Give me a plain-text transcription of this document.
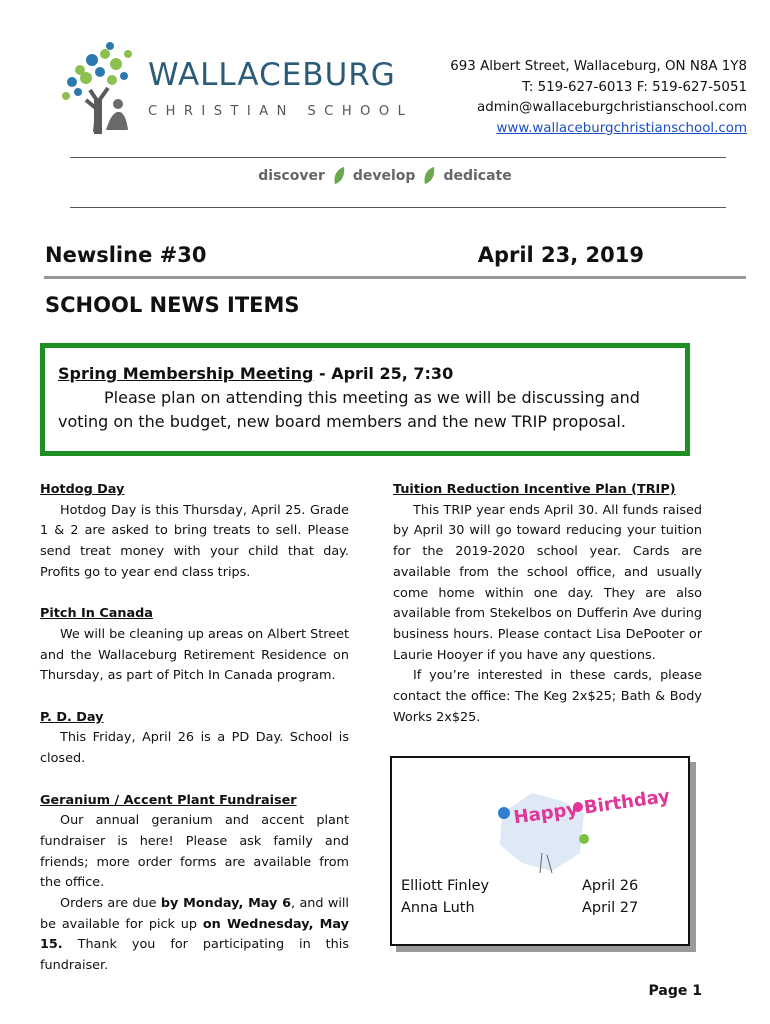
WALLACEBURG
CHRISTIAN SCHOOL
693 Albert Street, Wallaceburg, ON N8A 1Y8
T: 519-627-6013 F: 519-627-5051
admin@wallaceburgchristianschool.com
www.wallaceburgchristianschool.com
discover develop dedicate
Newsline #30	April 23, 2019
SCHOOL NEWS ITEMS
Spring Membership Meeting - April 25, 7:30
Please plan on attending this meeting as we will be discussing and voting on the budget, new board members and the new TRIP proposal.

Hotdog Day

Hotdog Day is this Thursday, April 25. Grade 1 & 2 are asked to bring treats to sell. Please send treat money with your child that day. Profits go to year end class trips.

Pitch In Canada

We will be cleaning up areas on Albert Street and the Wallaceburg Retirement Residence on Thursday, as part of Pitch In Canada program.

P. D. Day

This Friday, April 26 is a PD Day. School is closed.

Geranium / Accent Plant Fundraiser

Our annual geranium and accent plant fundraiser is here! Please ask family and friends; more order forms are available from the office.

Orders are due by Monday, May 6, and will be available for pick up on Wednesday, May 15. Thank you for participating in this fundraiser.

Tuition Reduction Incentive Plan (TRIP)

This TRIP year ends April 30. All funds raised by April 30 will go toward reducing your tuition for the 2019-2020 school year. Cards are available from the school office, and usually come home within one day. They are also available from Stekelbos on Dufferin Ave during business hours. Please contact Lisa DePooter or Laurie Hooyer if you have any questions.

If you’re interested in these cards, please contact the office: The Keg 2x$25; Bath & Body Works 2x$25.

Happy Birthday
Elliott Finley	April 26
Anna Luth	April 27
Page 1
